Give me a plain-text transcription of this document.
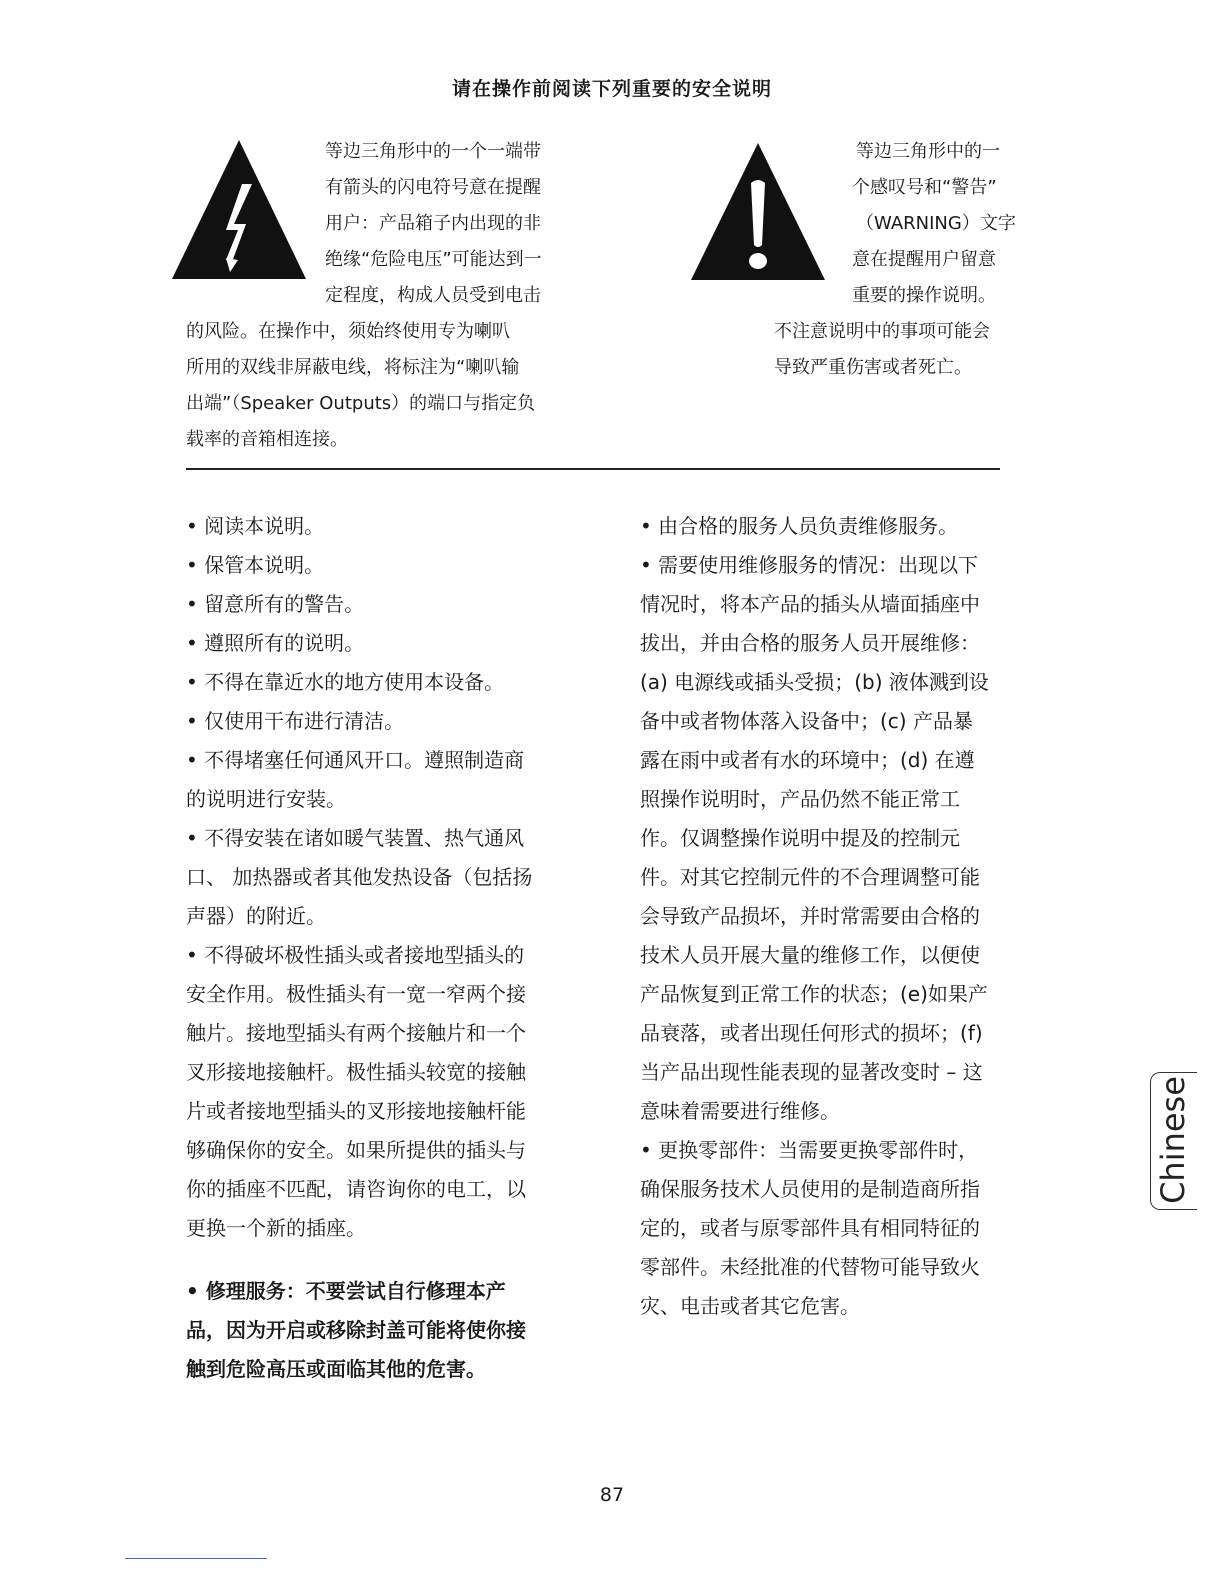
请在操作前阅读下列重要的安全说明
等边三角形中的一个一端带
有箭头的闪电符号意在提醒
用户：产品箱子内出现的非
绝缘“危险电压”可能达到一
定程度，构成人员受到电击
的风险。在操作中，须始终使用专为喇叭
所用的双线非屏蔽电线，将标注为“喇叭输
出端”（Speaker Outputs）的端口与指定负
载率的音箱相连接。
等边三角形中的一
个感叹号和“警告”
（WARNING）文字
意在提醒用户留意
重要的操作说明。
不注意说明中的事项可能会
导致严重伤害或者死亡。
• 阅读本说明。
• 保管本说明。
• 留意所有的警告。
• 遵照所有的说明。
• 不得在靠近水的地方使用本设备。
• 仅使用干布进行清洁。
• 不得堵塞任何通风开口。遵照制造商
的说明进行安装。
• 不得安装在诸如暖气装置、热气通风
口、 加热器或者其他发热设备（包括扬
声器）的附近。
• 不得破坏极性插头或者接地型插头的
安全作用。极性插头有一宽一窄两个接
触片。接地型插头有两个接触片和一个
叉形接地接触杆。极性插头较宽的接触
片或者接地型插头的叉形接地接触杆能
够确保你的安全。如果所提供的插头与
你的插座不匹配，请咨询你的电工，以
更换一个新的插座。
• 修理服务：不要尝试自行修理本产
品，因为开启或移除封盖可能将使你接
触到危险高压或面临其他的危害。
• 由合格的服务人员负责维修服务。
• 需要使用维修服务的情况：出现以下
情况时，将本产品的插头从墙面插座中
拔出，并由合格的服务人员开展维修：
(a) 电源线或插头受损；(b) 液体溅到设
备中或者物体落入设备中；(c) 产品暴
露在雨中或者有水的环境中；(d) 在遵
照操作说明时，产品仍然不能正常工
作。仅调整操作说明中提及的控制元
件。对其它控制元件的不合理调整可能
会导致产品损坏，并时常需要由合格的
技术人员开展大量的维修工作，以便使
产品恢复到正常工作的状态；(e)如果产
品衰落，或者出现任何形式的损坏；(f)
当产品出现性能表现的显著改变时 – 这
意味着需要进行维修。
• 更换零部件：当需要更换零部件时，
确保服务技术人员使用的是制造商所指
定的，或者与原零部件具有相同特征的
零部件。未经批准的代替物可能导致火
灾、电击或者其它危害。
Chinese
87
